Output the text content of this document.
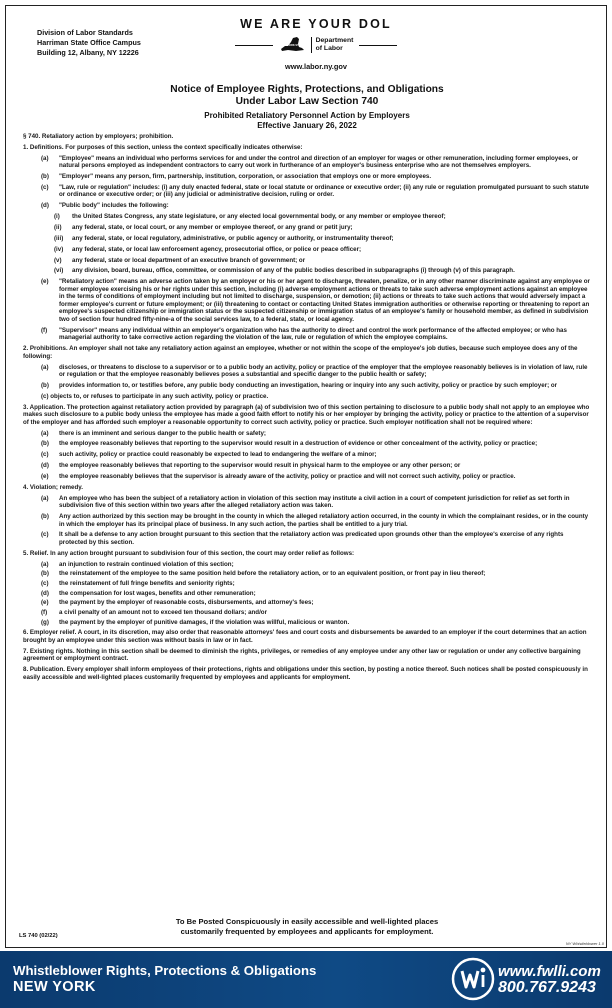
Division of Labor Standards
Harriman State Office Campus
Building 12, Albany, NY 12226
WE ARE YOUR DOL
NEW YORK STATE
Department
of Labor
www.labor.ny.gov
Notice of Employee Rights, Protections, and Obligations
Under Labor Law Section 740
Prohibited Retaliatory Personnel Action by Employers
Effective January 26, 2022
§ 740. Retaliatory action by employers; prohibition.
1. Definitions. For purposes of this section, unless the context specifically indicates otherwise:
(a)	"Employee" means an individual who performs services for and under the control and direction of an employer for wages or other remuneration, including former employees, or natural persons employed as independent contractors to carry out work in furtherance of an employer's business enterprise who are not themselves employers.
(b)	"Employer" means any person, firm, partnership, institution, corporation, or association that employs one or more employees.
(c)	"Law, rule or regulation" includes: (i) any duly enacted federal, state or local statute or ordinance or executive order; (ii) any rule or regulation promulgated pursuant to such statute or ordinance or executive order; or (iii) any judicial or administrative decision, ruling or order.
(d)	"Public body" includes the following:
(i)	the United States Congress, any state legislature, or any elected local governmental body, or any member or employee thereof;
(ii)	any federal, state, or local court, or any member or employee thereof, or any grand or petit jury;
(iii)	any federal, state, or local regulatory, administrative, or public agency or authority, or instrumentality thereof;
(iv)	any federal, state, or local law enforcement agency, prosecutorial office, or police or peace officer;
(v)	any federal, state or local department of an executive branch of government; or
(vi)	any division, board, bureau, office, committee, or commission of any of the public bodies described in subparagraphs (i) through (v) of this paragraph.
(e)	"Retaliatory action" means an adverse action taken by an employer or his or her agent to discharge, threaten, penalize, or in any other manner discriminate against any employee or former employee exercising his or her rights under this section, including (i) adverse employment actions or threats to take such adverse employment actions against an employee in the terms of conditions of employment including but not limited to discharge, suspension, or demotion; (ii) actions or threats to take such actions that would adversely impact a former employee's current or future employment; or (iii) threatening to contact or contacting United States immigration authorities or otherwise reporting or threatening to report an employee's suspected citizenship or immigration status or the suspected citizenship or immigration status of an employee's family or household member, as defined in subdivision two of section four hundred fifty-nine-a of the social services law, to a federal, state, or local agency.
(f)	"Supervisor" means any individual within an employer's organization who has the authority to direct and control the work performance of the affected employee; or who has managerial authority to take corrective action regarding the violation of the law, rule or regulation of which the employee complains.
2. Prohibitions. An employer shall not take any retaliatory action against an employee, whether or not within the scope of the employee's job duties, because such employee does any of the following:
(a)	discloses, or threatens to disclose to a supervisor or to a public body an activity, policy or practice of the employer that the employee reasonably believes is in violation of law, rule or regulation or that the employee reasonably believes poses a substantial and specific danger to the public health or safety;
(b)	provides information to, or testifies before, any public body conducting an investigation, hearing or inquiry into any such activity, policy or practice by such employer; or
(c) objects to, or refuses to participate in any such activity, policy or practice.
3. Application. The protection against retaliatory action provided by paragraph (a) of subdivision two of this section pertaining to disclosure to a public body shall not apply to an employee who makes such disclosure to a public body unless the employee has made a good faith effort to notify his or her employer by bringing the activity, policy or practice to the attention of a supervisor of the employer and has afforded such employer a reasonable opportunity to correct such activity, policy or practice. Such employer notification shall not be required where:
(a)	there is an imminent and serious danger to the public health or safety;
(b)	the employee reasonably believes that reporting to the supervisor would result in a destruction of evidence or other concealment of the activity, policy or practice;
(c)	such activity, policy or practice could reasonably be expected to lead to endangering the welfare of a minor;
(d)	the employee reasonably believes that reporting to the supervisor would result in physical harm to the employee or any other person; or
(e)	the employee reasonably believes that the supervisor is already aware of the activity, policy or practice and will not correct such activity, policy or practice.
4. Violation; remedy.
(a)	An employee who has been the subject of a retaliatory action in violation of this section may institute a civil action in a court of competent jurisdiction for relief as set forth in subdivision five of this section within two years after the alleged retaliatory action was taken.
(b)	Any action authorized by this section may be brought in the county in which the alleged retaliatory action occurred, in the county in which the complainant resides, or in the county in which the employer has its principal place of business. In any such action, the parties shall be entitled to a jury trial.
(c)	It shall be a defense to any action brought pursuant to this section that the retaliatory action was predicated upon grounds other than the employee's exercise of any rights protected by this section.
5. Relief. In any action brought pursuant to subdivision four of this section, the court may order relief as follows:
(a)	an injunction to restrain continued violation of this section;
(b)	the reinstatement of the employee to the same position held before the retaliatory action, or to an equivalent position, or front pay in lieu thereof;
(c)	the reinstatement of full fringe benefits and seniority rights;
(d)	the compensation for lost wages, benefits and other remuneration;
(e)	the payment by the employer of reasonable costs, disbursements, and attorney's fees;
(f)	a civil penalty of an amount not to exceed ten thousand dollars; and/or
(g)	the payment by the employer of punitive damages, if the violation was willful, malicious or wanton.
6. Employer relief. A court, in its discretion, may also order that reasonable attorneys' fees and court costs and disbursements be awarded to an employer if the court determines that an action brought by an employee under this section was without basis in law or in fact.
7. Existing rights. Nothing in this section shall be deemed to diminish the rights, privileges, or remedies of any employee under any other law or regulation or under any collective bargaining agreement or employment contract.
8. Publication. Every employer shall inform employees of their protections, rights and obligations under this section, by posting a notice thereof. Such notices shall be posted conspicuously in easily accessible and well-lighted places customarily frequented by employees and applicants for employment.
To Be Posted Conspicuously in easily accessible and well-lighted places
customarily frequented by employees and applicants for employment.
LS 740 (02/22)
NY Whistleblower 1.0
Whistleblower Rights, Protections & Obligations
NEW YORK
www.fwlli.com
800.767.9243
